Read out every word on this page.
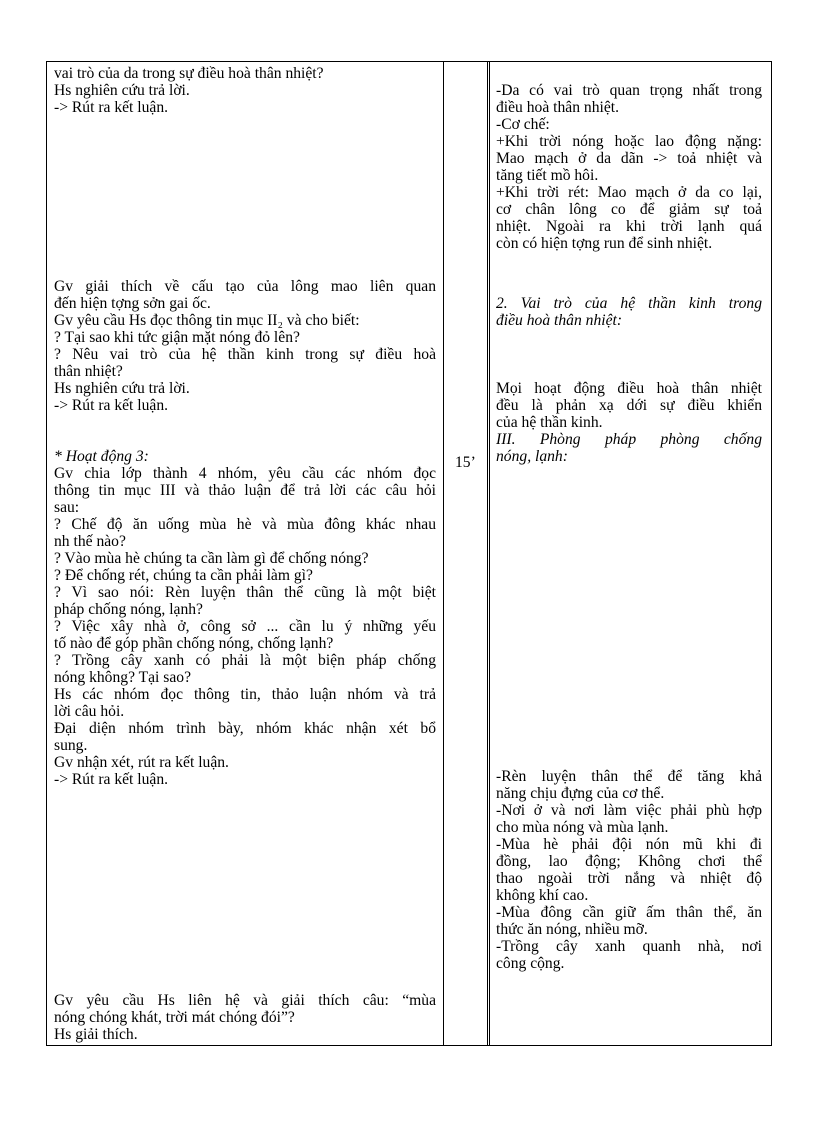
15’
vai trò của da trong sự điều hoà thân nhiệt?
Hs nghiên cứu trả lời.
-> Rút ra kết luận.
Gv giải thích về cấu tạo của lông mao liên quan
đến hiện tợng sởn gai ốc.
Gv yêu cầu Hs đọc thông tin mục II₂ và cho biết:
? Tại sao khi tức giận mặt nóng đỏ lên?
? Nêu vai trò của hệ thần kinh trong sự điều hoà
thân nhiệt?
Hs nghiên cứu trả lời.
-> Rút ra kết luận.
* Hoạt động 3:
Gv chia lớp thành 4 nhóm, yêu cầu các nhóm đọc
thông tin mục III và thảo luận để trả lời các câu hỏi
sau:
? Chế độ ăn uống mùa hè và mùa đông khác nhau
nh thế nào?
? Vào mùa hè chúng ta cần làm gì để chống nóng?
? Để chống rét, chúng ta cần phải làm gì?
? Vì sao nói: Rèn luyện thân thể cũng là một biệt
pháp chống nóng, lạnh?
? Việc xây nhà ở, công sở ... cần lu ý những yếu
tố nào để góp phần chống nóng, chống lạnh?
? Trồng cây xanh có phải là một biện pháp chống
nóng không? Tại sao?
Hs các nhóm đọc thông tin, thảo luận nhóm và trả
lời câu hỏi.
Đại diện nhóm trình bày, nhóm khác nhận xét bổ
sung.
Gv nhận xét, rút ra kết luận.
-> Rút ra kết luận.
Gv yêu cầu Hs liên hệ và giải thích câu: “mùa
nóng chóng khát, trời mát chóng đói”?
Hs giải thích.
-Da có vai trò quan trọng nhất trong
điều hoà thân nhiệt.
-Cơ chế:
+Khi trời nóng hoặc lao động nặng:
Mao mạch ở da dãn -> toả nhiệt và
tăng tiết mồ hôi.
+Khi trời rét: Mao mạch ở da co lại,
cơ chân lông co để giảm sự toả
nhiệt. Ngoài ra khi trời lạnh quá
còn có hiện tợng run để sinh nhiệt.
2. Vai trò của hệ thần kinh trong
điều hoà thân nhiệt:
Mọi hoạt động điều hoà thân nhiệt
đều là phản xạ dới sự điều khiển
của hệ thần kinh.
III. Phòng pháp phòng chống
nóng, lạnh:
-Rèn luyện thân thể để tăng khả
năng chịu đựng của cơ thể.
-Nơi ở và nơi làm việc phải phù hợp
cho mùa nóng và mùa lạnh.
-Mùa hè phải đội nón mũ khi đi
đồng, lao động; Không chơi thể
thao ngoài trời nắng và nhiệt độ
không khí cao.
-Mùa đông cần giữ ấm thân thể, ăn
thức ăn nóng, nhiều mỡ.
-Trồng cây xanh quanh nhà, nơi
công cộng.
